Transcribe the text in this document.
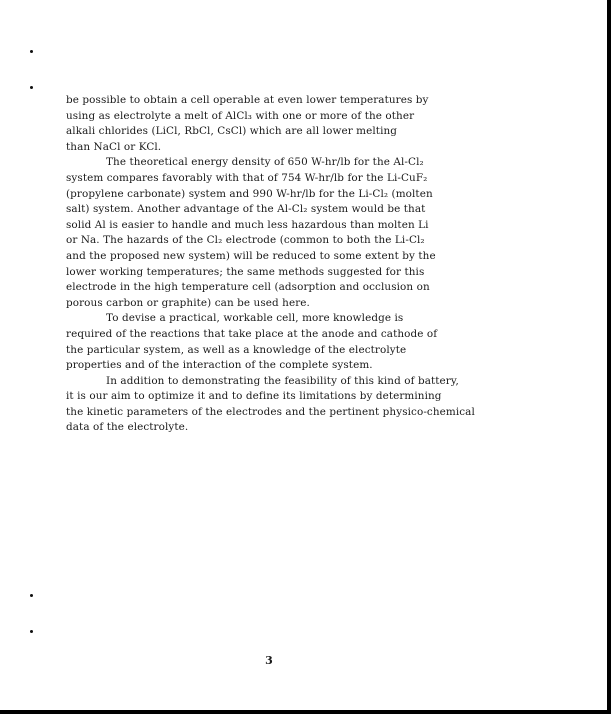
be possible to obtain a cell operable at even lower temperatures by
using as electrolyte a melt of AlCl₃ with one or more of the other
alkali chlorides (LiCl, RbCl, CsCl) which are all lower melting
than NaCl or KCl.
The theoretical energy density of 650 W-hr/lb for the Al-Cl₂
system compares favorably with that of 754 W-hr/lb for the Li-CuF₂
(propylene carbonate) system and 990 W-hr/lb for the Li-Cl₂ (molten
salt) system. Another advantage of the Al-Cl₂ system would be that
solid Al is easier to handle and much less hazardous than molten Li
or Na. The hazards of the Cl₂ electrode (common to both the Li-Cl₂
and the proposed new system) will be reduced to some extent by the
lower working temperatures; the same methods suggested for this
electrode in the high temperature cell (adsorption and occlusion on
porous carbon or graphite) can be used here.
To devise a practical, workable cell, more knowledge is
required of the reactions that take place at the anode and cathode of
the particular system, as well as a knowledge of the electrolyte
properties and of the interaction of the complete system.
In addition to demonstrating the feasibility of this kind of battery,
it is our aim to optimize it and to define its limitations by determining
the kinetic parameters of the electrodes and the pertinent physico-chemical
data of the electrolyte.
3
